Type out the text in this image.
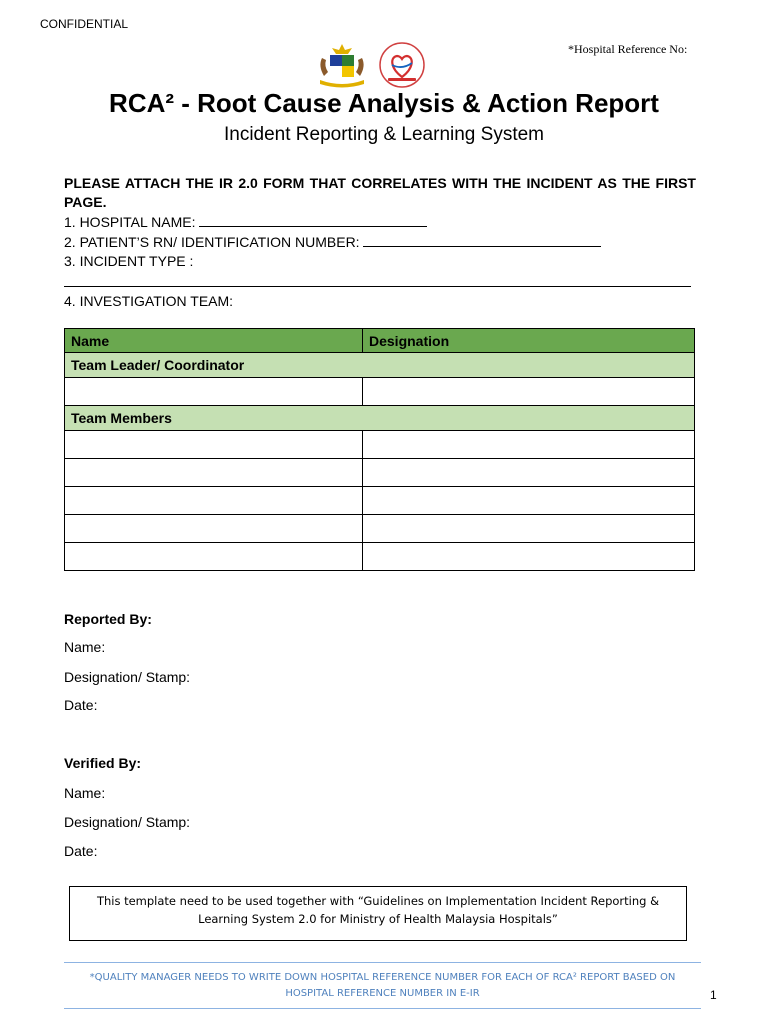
CONFIDENTIAL
*Hospital Reference No:
RCA² - Root Cause Analysis & Action Report
Incident Reporting & Learning System
PLEASE ATTACH THE IR 2.0 FORM THAT CORRELATES WITH THE INCIDENT AS THE FIRST PAGE.
1. HOSPITAL NAME:
2. PATIENT’S RN/ IDENTIFICATION NUMBER:
3. INCIDENT TYPE :
4. INVESTIGATION TEAM:
Name	Designation
Team Leader/ Coordinator	

Team Members	

Reported By:
Name:
Designation/ Stamp:
Date:
Verified By:
Name:
Designation/ Stamp:
Date:
This template need to be used together with “Guidelines on Implementation Incident Reporting &
Learning System 2.0 for Ministry of Health Malaysia Hospitals”
*QUALITY MANAGER NEEDS TO WRITE DOWN HOSPITAL REFERENCE NUMBER FOR EACH OF RCA² REPORT BASED ON
HOSPITAL REFERENCE NUMBER IN E-IR	1
